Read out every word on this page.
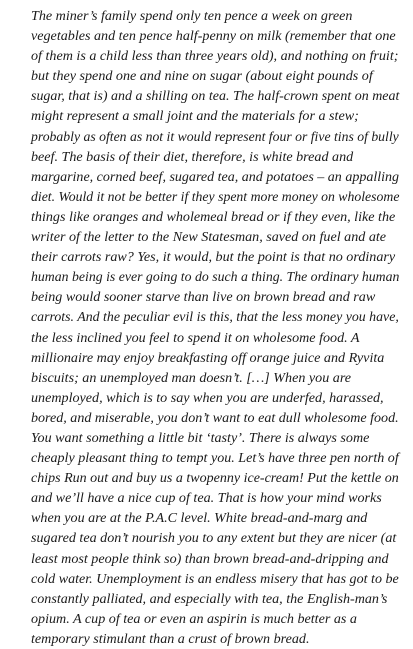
The miner’s family spend only ten pence a week on green
vegetables and ten pence half-penny on milk (remember that one
of them is a child less than three years old), and nothing on fruit;
but they spend one and nine on sugar (about eight pounds of
sugar, that is) and a shilling on tea. The half-crown spent on meat
might represent a small joint and the materials for a stew;
probably as often as not it would represent four or five tins of bully
beef. The basis of their diet, therefore, is white bread and
margarine, corned beef, sugared tea, and potatoes – an appalling
diet. Would it not be better if they spent more money on wholesome
things like oranges and wholemeal bread or if they even, like the
writer of the letter to the New Statesman, saved on fuel and ate
their carrots raw? Yes, it would, but the point is that no ordinary
human being is ever going to do such a thing. The ordinary human
being would sooner starve than live on brown bread and raw
carrots. And the peculiar evil is this, that the less money you have,
the less inclined you feel to spend it on wholesome food. A
millionaire may enjoy breakfasting off orange juice and Ryvita
biscuits; an unemployed man doesn’t. […] When you are
unemployed, which is to say when you are underfed, harassed,
bored, and miserable, you don’t want to eat dull wholesome food.
You want something a little bit ‘tasty’. There is always some
cheaply pleasant thing to tempt you. Let’s have three pen north of
chips Run out and buy us a twopenny ice-cream! Put the kettle on
and we’ll have a nice cup of tea. That is how your mind works
when you are at the P.A.C level. White bread-and-marg and
sugared tea don’t nourish you to any extent but they are nicer (at
least most people think so) than brown bread-and-dripping and
cold water. Unemployment is an endless misery that has got to be
constantly palliated, and especially with tea, the English-man’s
opium. A cup of tea or even an aspirin is much better as a
temporary stimulant than a crust of brown bread.
